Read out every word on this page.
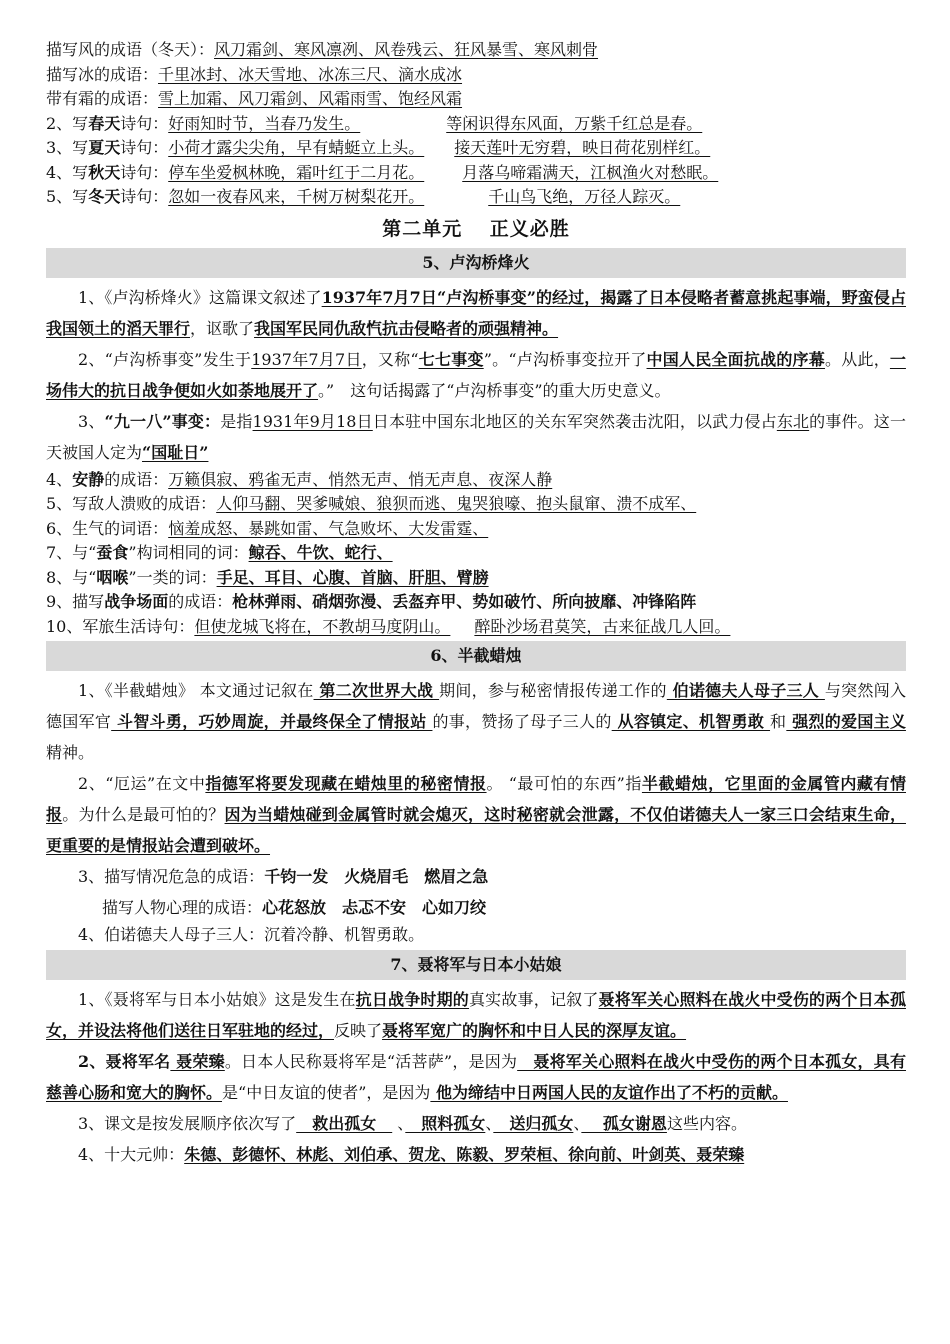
描写风的成语（冬天）：风刀霜剑、寒风凛冽、风卷残云、狂风暴雪、寒风刺骨
描写冰的成语：千里冰封、冰天雪地、冰冻三尺、滴水成冰
带有霜的成语：雪上加霜、风刀霜剑、风霜雨雪、饱经风霜
2、写春天诗句：好雨知时节，当春乃发生。	等闲识得东风面，万紫千红总是春。
3、写夏天诗句：小荷才露尖尖角，早有蜻蜓立上头。 接天莲叶无穷碧，映日荷花别样红。
4、写秋天诗句：停车坐爱枫林晚，霜叶红于二月花。 月落乌啼霜满天，江枫渔火对愁眠。
5、写冬天诗句：忽如一夜春风来，千树万树梨花开。	千山鸟飞绝，万径人踪灭。
第二单元　 正义必胜
5、卢沟桥烽火
1、《卢沟桥烽火》这篇课文叙述了1937年7月7日“卢沟桥事变”的经过，揭露了日本侵略者蓄意挑起事端，野蛮侵占我国领土的滔天罪行，讴歌了我国军民同仇敌忾抗击侵略者的顽强精神。
2、“卢沟桥事变”发生于1937年7月7日，又称“七七事变”。“卢沟桥事变拉开了中国人民全面抗战的序幕。从此，一场伟大的抗日战争便如火如荼地展开了。”　这句话揭露了“卢沟桥事变”的重大历史意义。
3、“九一八”事变：是指1931年9月18日日本驻中国东北地区的关东军突然袭击沈阳，以武力侵占东北的事件。这一天被国人定为“国耻日”
4、安静的成语：万籁俱寂、鸦雀无声、悄然无声、悄无声息、夜深人静
5、写敌人溃败的成语：人仰马翻、哭爹喊娘、狼狈而逃、鬼哭狼嚎、抱头鼠窜、溃不成军、
6、生气的词语：恼羞成怒、暴跳如雷、气急败坏、大发雷霆、
7、与“蚕食”构词相同的词：鲸吞、牛饮、蛇行、
8、与“咽喉”一类的词：手足、耳目、心腹、首脑、肝胆、臂膀
9、描写战争场面的成语：枪林弹雨、硝烟弥漫、丢盔弃甲、势如破竹、所向披靡、冲锋陷阵
10、军旅生活诗句：但使龙城飞将在，不教胡马度阴山。 醉卧沙场君莫笑，古来征战几人回。
6、半截蜡烛
1、《半截蜡烛》 本文通过记叙在 第二次世界大战 期间，参与秘密情报传递工作的 伯诺德夫人母子三人 与突然闯入德国军官 斗智斗勇，巧妙周旋，并最终保全了情报站 的事，赞扬了母子三人的 从容镇定、机智勇敢 和 强烈的爱国主义 精神。
2、“厄运”在文中指德军将要发现藏在蜡烛里的秘密情报。 “最可怕的东西”指半截蜡烛，它里面的金属管内藏有情报。为什么是最可怕的？因为当蜡烛碰到金属管时就会熄灭，这时秘密就会泄露，不仅伯诺德夫人一家三口会结束生命，更重要的是情报站会遭到破坏。
3、描写情况危急的成语：千钧一发　火烧眉毛　燃眉之急
描写人物心理的成语：心花怒放　忐忑不安　心如刀绞
4、伯诺德夫人母子三人：沉着冷静、机智勇敢。
7、聂将军与日本小姑娘
1、《聂将军与日本小姑娘》这是发生在抗日战争时期的真实故事，记叙了聂将军关心照料在战火中受伤的两个日本孤女，并设法将他们送往日军驻地的经过，反映了聂将军宽广的胸怀和中日人民的深厚友谊。
2、聂将军名 聂荣臻。日本人民称聂将军是“活菩萨”，是因为　聂将军关心照料在战火中受伤的两个日本孤女，具有慈善心肠和宽大的胸怀。是“中日友谊的使者”，是因为 他为缔结中日两国人民的友谊作出了不朽的贡献。
3、课文是按发展顺序依次写了　救出孤女　 、　照料孤女、　送归孤女、　 孤女谢恩这些内容。
4、十大元帅：朱德、彭德怀、林彪、刘伯承、贺龙、陈毅、罗荣桓、徐向前、叶剑英、聂荣臻
